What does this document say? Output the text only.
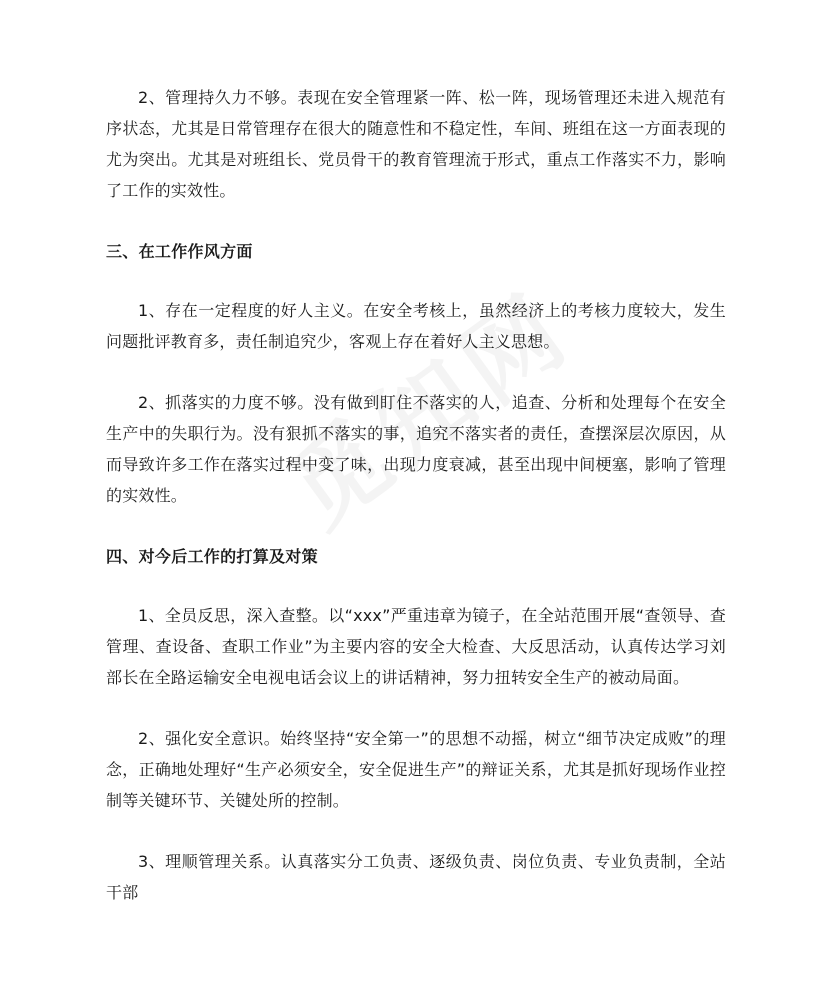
2、管理持久力不够。表现在安全管理紧一阵、松一阵，现场管理还未进入规范有序状态，尤其是日常管理存在很大的随意性和不稳定性，车间、班组在这一方面表现的尤为突出。尤其是对班组长、党员骨干的教育管理流于形式，重点工作落实不力，影响了工作的实效性。

三、在工作作风方面

1、存在一定程度的好人主义。在安全考核上，虽然经济上的考核力度较大，发生问题批评教育多，责任制追究少，客观上存在着好人主义思想。

2、抓落实的力度不够。没有做到盯住不落实的人，追查、分析和处理每个在安全生产中的失职行为。没有狠抓不落实的事，追究不落实者的责任，查摆深层次原因，从而导致许多工作在落实过程中变了味，出现力度衰减，甚至出现中间梗塞，影响了管理的实效性。

四、对今后工作的打算及对策

1、全员反思，深入查整。以“xxx”严重违章为镜子，在全站范围开展“查领导、查管理、查设备、查职工作业”为主要内容的安全大检查、大反思活动，认真传达学习刘部长在全路运输安全电视电话会议上的讲话精神，努力扭转安全生产的被动局面。

2、强化安全意识。始终坚持“安全第一”的思想不动摇，树立“细节决定成败”的理念，正确地处理好“生产必须安全，安全促进生产”的辩证关系，尤其是抓好现场作业控制等关键环节、关键处所的控制。

3、理顺管理关系。认真落实分工负责、逐级负责、岗位负责、专业负责制，全站干部
